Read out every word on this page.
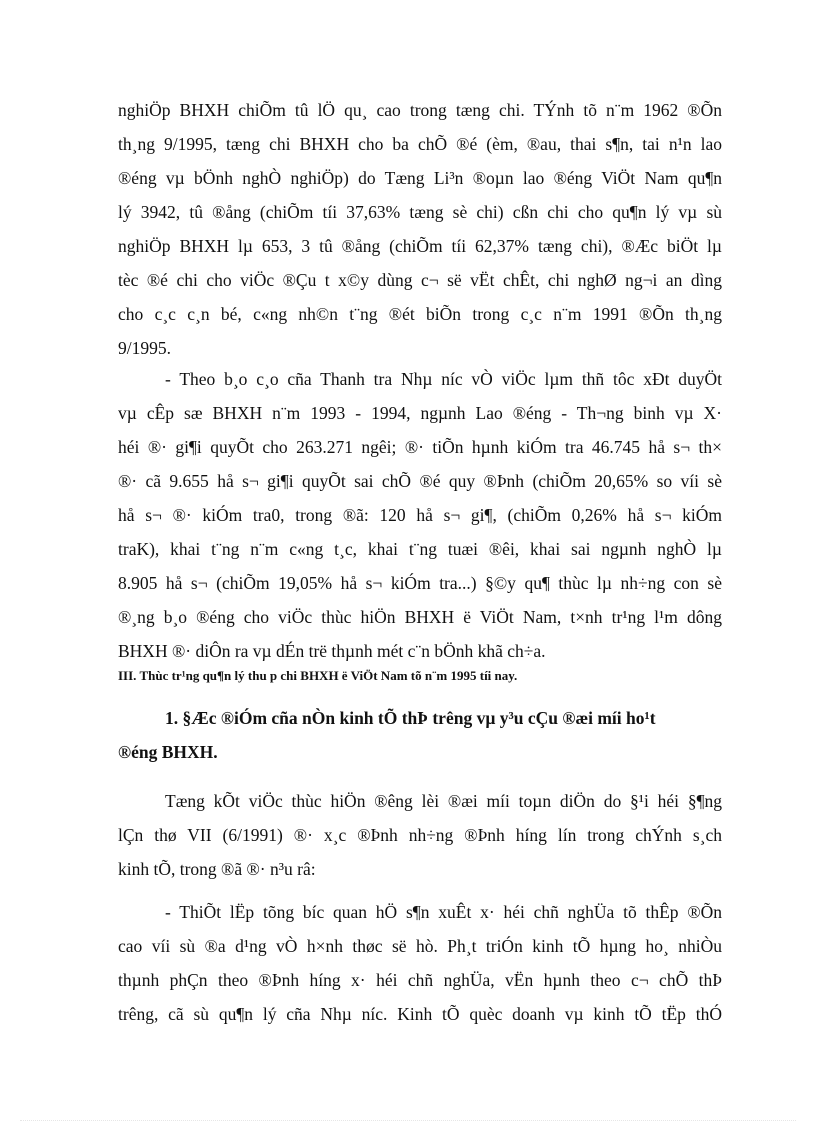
nghiÖp BHXH chiÕm tû lÖ qu¸ cao trong tæng chi. TÝnh tõ n¨m 1962 ®Õn
th¸ng 9/1995, tæng chi BHXH cho ba chÕ ®é (èm, ®au, thai s¶n, tai n¹n lao
®éng vµ bÖnh nghÒ nghiÖp) do Tæng Li³n ®oµn lao ®éng ViÖt Nam qu¶n
lý 3942, tû ®ång (chiÕm tíi 37,63% tæng sè chi) cßn chi cho qu¶n lý vµ sù
nghiÖp BHXH lµ 653, 3 tû ®ång (chiÕm tíi 62,37% tæng chi), ®Æc biÖt lµ
tèc ®é chi cho viÖc ®Çu t x©y dùng c¬ së vËt chÊt, chi nghØ ng¬i an dìng
cho c¸c c¸n bé, c«ng nh©n t¨ng ®ét biÕn trong c¸c n¨m 1991 ®Õn th¸ng
9/1995.
- Theo b¸o c¸o cña Thanh tra Nhµ níc vÒ viÖc lµm thñ tôc xÐt duyÖt
vµ cÊp sæ BHXH n¨m 1993 - 1994, ngµnh Lao ®éng - Th¬ng binh vµ X·
héi ®· gi¶i quyÕt cho 263.271 ngêi; ®· tiÕn hµnh kiÓm tra 46.745 hå s¬ th×
®· cã 9.655 hå s¬ gi¶i quyÕt sai chÕ ®é quy ®Þnh (chiÕm 20,65% so víi sè
hå s¬ ®· kiÓm tra0, trong ®ã: 120 hå s¬ gi¶, (chiÕm 0,26% hå s¬ kiÓm
traK), khai t¨ng n¨m c«ng t¸c, khai t¨ng tuæi ®êi, khai sai ngµnh nghÒ lµ
8.905 hå s¬ (chiÕm 19,05% hå s¬ kiÓm tra...) §©y qu¶ thùc lµ nh÷ng con sè
®¸ng b¸o ®éng cho viÖc thùc hiÖn BHXH ë ViÖt Nam, t×nh tr¹ng l¹m dông
BHXH ®· diÔn ra vµ dÉn trë thµnh mét c¨n bÖnh khã ch÷a.
III. Thùc tr¹ng qu¶n lý thu p chi BHXH ë ViÖt Nam tõ n¨m 1995 tíi nay.
1. §Æc ®iÓm cña nÒn kinh tÕ thÞ trêng vµ y³u cÇu ®æi míi ho¹t
®éng BHXH.
Tæng kÕt viÖc thùc hiÖn ®êng lèi ®æi míi toµn diÖn do §¹i héi §¶ng
lÇn thø VII (6/1991) ®· x¸c ®Þnh nh÷ng ®Þnh híng lín trong chÝnh s¸ch
kinh tÕ, trong ®ã ®· n³u râ:
- ThiÕt lËp tõng bíc quan hÖ s¶n xuÊt x· héi chñ nghÜa tõ thÊp ®Õn
cao víi sù ®a d¹ng vÒ h×nh thøc së hò. Ph¸t triÓn kinh tÕ hµng ho¸ nhiÒu
thµnh phÇn theo ®Þnh híng x· héi chñ nghÜa, vËn hµnh theo c¬ chÕ thÞ
trêng, cã sù qu¶n lý cña Nhµ níc. Kinh tÕ quèc doanh vµ kinh tÕ tËp thÓ
